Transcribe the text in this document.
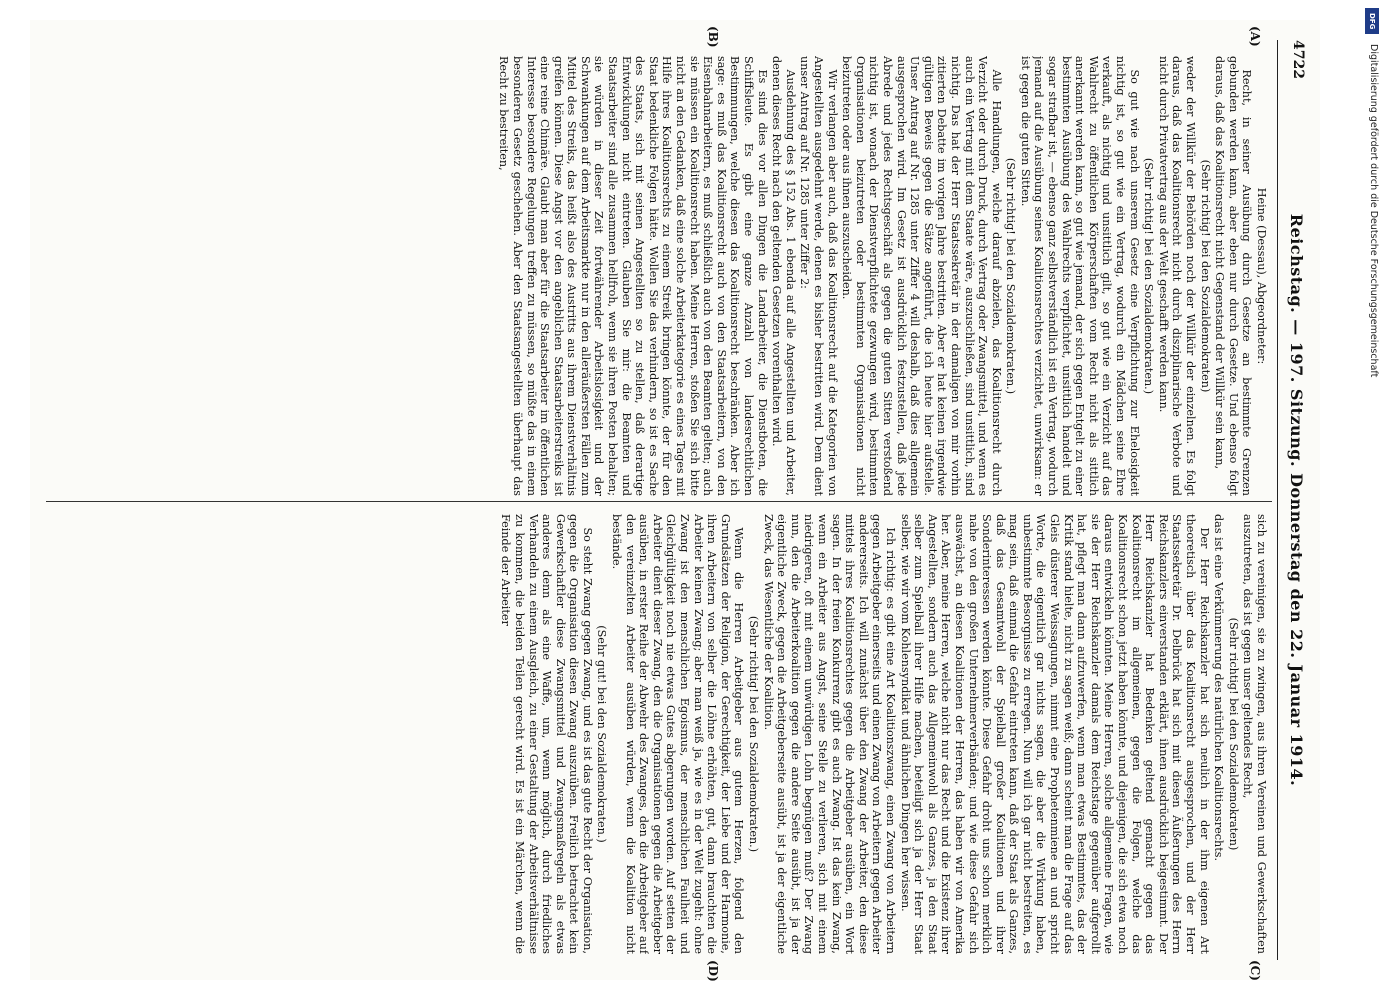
4722
Reichstag. — 197. Sitzung. Donnerstag den 22. Januar 1914.
(A)
(B)

Heine (Dessau), Abgeordneter:

Recht, in seiner Ausübung durch Gesetze an bestimmte Grenzen gebunden werden kann, aber eben nur durch Gesetze. Und ebenso folgt daraus, daß das Koalitionsrecht nicht Gegenstand der Willkür sein kann,

(Sehr richtig! bei den Sozialdemokraten)

weder der Willkür der Behörden noch der Willkür der einzelnen. Es folgt daraus, daß das Koalitionsrecht nicht durch disziplinarische Verbote und nicht durch Privatvertrag aus der Welt geschafft werden kann.

(Sehr richtig! bei den Sozialdemokraten.)

So gut wie nach unserem Gesetz eine Verpflichtung zur Ehelosigkeit nichtig ist, so gut wie ein Vertrag, wodurch ein Mädchen seine Ehre verkauft, als nichtig und unsittlich gilt, so gut wie ein Verzicht auf das Wahlrecht zu öffentlichen Körperschaften vom Recht nicht als sittlich anerkannt werden kann, so gut wie jemand, der sich gegen Entgelt zu einer bestimmten Ausübung des Wahlrechts verpflichtet, unsittlich handelt und sogar strafbar ist, — ebenso ganz selbstverständlich ist ein Vertrag, wodurch jemand auf die Ausübung seines Koalitionsrechtes verzichtet, unwirksam: er ist gegen die guten Sitten.

(Sehr richtig! bei den Sozialdemokraten.)

Alle Handlungen, welche darauf abzielen, das Koalitionsrecht durch Verzicht oder durch Druck, durch Vertrag oder Zwangsmittel, und wenn es auch ein Vertrag mit dem Staate wäre, auszuschließen, sind unsittlich, sind nichtig. Das hat der Herr Staatssekretär in der damaligen von mir vorhin zitierten Debatte im vorigen Jahre bestritten. Aber er hat keinen irgendwie gültigen Beweis gegen die Sätze angeführt, die ich heute hier aufstelle. Unser Antrag auf Nr. 1285 unter Ziffer 4 will deshalb, daß dies allgemein ausgesprochen wird. Im Gesetz ist ausdrücklich festzustellen, daß jede Abrede und jedes Rechtsgeschäft als gegen die guten Sitten verstoßend nichtig ist, wonach der Dienstverpflichtete gezwungen wird, bestimmten Organisationen beizutreten oder bestimmten Organisationen nicht beizutreten oder aus ihnen auszuscheiden.

Wir verlangen aber auch, daß das Koalitionsrecht auf die Kategorien von Angestellten ausgedehnt werde, denen es bisher bestritten wird. Dem dient unser Antrag auf Nr. 1285 unter Ziffer 2:

Ausdehnung des § 152 Abs. 1 ebenda auf alle Angestellten und Arbeiter, denen dieses Recht nach den geltenden Gesetzen vorenthalten wird.

Es sind dies vor allen Dingen die Landarbeiter, die Dienstboten, die Schiffsleute. Es gibt eine ganze Anzahl von landesrechtlichen Bestimmungen, welche diesen das Koalitionsrecht beschränken. Aber ich sage: es muß das Koalitionsrecht auch von den Staatsarbeitern, von den Eisenbahnarbeitern, es muß schließlich auch von den Beamten gelten; auch sie müssen ein Koalitionsrecht haben. Meine Herren, stoßen Sie sich bitte nicht an den Gedanken, daß eine solche Arbeiterkategorie es eines Tages mit Hilfe ihres Koalitionsrechts zu einem Streik bringen könnte, der für den Staat bedenkliche Folgen hätte. Wollen Sie das verhindern, so ist es Sache des Staats, sich mit seinen Angestellten so zu stellen, daß derartige Entwicklungen nicht eintreten. Glauben Sie mir: die Beamten und Staatsarbeiter sind alle zusammen hellfroh, wenn sie ihren Posten behalten; sie würden in dieser Zeit fortwährender Arbeitslosigkeit und der Schwankungen auf dem Arbeitsmarkte nur in den alleräußersten Fällen zum Mittel des Streiks, das heißt also des Austritts aus ihrem Dienstverhältnis greifen können. Diese Angst vor den angeblichen Staatsarbeiterstreiks ist eine reine Chimäre. Glaubt man aber für die Staatsarbeiter im öffentlichen Interesse besondere Regelungen treffen zu müssen, so müßte das in einem besonderen Gesetz geschehen. Aber den Staatsangestellten überhaupt das Recht zu bestreiten,

sich zu vereinigen, sie zu zwingen, aus ihren Vereinen und Gewerkschaften auszutreten, das ist gegen unser geltendes Recht,

(Sehr richtig! bei den Sozialdemokraten)

das ist eine Verkümmerung des natürlichen Koalitionsrechts.

Der Herr Reichskanzler hat sich neulich in der ihm eigenen Art theoretisch über das Koalitionsrecht ausgesprochen, und der Herr Staatssekretär Dr. Delbrück hat sich mit diesen Äußerungen des Herrn Reichskanzlers einverstanden erklärt, ihnen ausdrücklich beigestimmt. Der Herr Reichskanzler hat Bedenken geltend gemacht gegen das Koalitionsrecht im allgemeinen, gegen die Folgen, welche das Koalitionsrecht schon jetzt haben könnte, und diejenigen, die sich etwa noch daraus entwickeln könnten. Meine Herren, solche allgemeine Fragen, wie sie der Herr Reichskanzler damals dem Reichstage gegenüber aufgerollt hat, pflegt man dann aufzuwerfen, wenn man etwas Bestimmtes, das der Kritik stand hielte, nicht zu sagen weiß; dann scheint man die Frage auf das Gleis düsterer Weissagungen, nimmt eine Prophetenmiene an und spricht Worte, die eigentlich gar nichts sagen, die aber die Wirkung haben, unbestimmte Besorgnisse zu erregen. Nun will ich gar nicht bestreiten, es mag sein, daß einmal die Gefahr eintreten kann, daß der Staat als Ganzes, daß das Gesamtwohl der Spielball großer Koalitionen und ihrer Sonderinteressen werden könnte. Diese Gefahr droht uns schon merklich nahe von den großen Unternehmerverbänden; und wie diese Gefahr sich auswächst, an diesen Koalitionen der Herren, das haben wir von Amerika her. Aber, meine Herren, welche nicht nur das Recht und die Existenz ihrer Angestellten, sondern auch das Allgemeinwohl als Ganzes, ja den Staat selber zum Spielball ihrer Hilfe machen, beteiligt sich ja der Herr Staat selber, wie wir vom Kohlensyndikat und ähnlichen Dingen her wissen.

Ich richtig: es gibt eine Art Koalitionszwang, einen Zwang von Arbeitern gegen Arbeitgeber einerseits und einen Zwang von Arbeitern gegen Arbeiter andererseits. Ich will zunächst über den Zwang der Arbeiter, den diese mittels ihres Koalitionsrechtes gegen die Arbeitgeber ausüben, ein Wort sagen. In der freien Konkurrenz gibt es auch Zwang. Ist das kein Zwang, wenn ein Arbeiter aus Angst, seine Stelle zu verlieren, sich mit einem niedrigeren, oft mit einem unwürdigen Lohn begnügen muß? Der Zwang nun, den die Arbeiterkoalition gegen die andere Seite ausübt, ist ja der eigentliche Zweck, gegen die Arbeitgeberseite ausübt, ist ja der eigentliche Zweck, das Wesentliche der Koalition.

(Sehr richtig! bei den Sozialdemokraten.)

Wenn die Herren Arbeitgeber aus gutem Herzen, folgend den Grundsätzen der Religion, der Gerechtigkeit, der Liebe und der Harmonie, ihren Arbeitern von selber die Löhne erhöhten, gut, dann brauchten die Arbeiter keinen Zwang; aber man weiß ja, wie es in der Welt zugeht: ohne Zwang ist den menschlichen Egoismus, der menschlichen Faulheit und Gleichgültigkeit noch nie etwas Gutes abgerungen worden. Auf setten der Arbeiter dient dieser Zwang, den die Organisationen gegen die Arbeitgeber ausüben, in erster Reihe der Abwehr des Zwanges, den die Arbeitgeber auf den vereinzelten Arbeiter ausüben würden, wenn die Koalition nicht bestände.

(Sehr gut! bei den Sozialdemokraten.)

So steht Zwang gegen Zwang, und es ist das gute Recht der Organisation, gegen die Organisation diesen Zwang auszuüben. Freilich betrachtet kein Gewerkschaftler diese Zwangsmittel und Zwangsmaßregeln als etwas anderes denn als eine Waffe, um, wenn möglich, durch friedliches Verhandeln zu einem Ausgleich, zu einer Gestaltung der Arbeitsverhältnisse zu kommen, die beiden Teilen gerecht wird. Es ist ein Märchen, wenn die Feinde der Arbeiter

(C)
(D)
DFG
Digitalisierung gefördert durch die Deutsche Forschungsgemeinschaft
